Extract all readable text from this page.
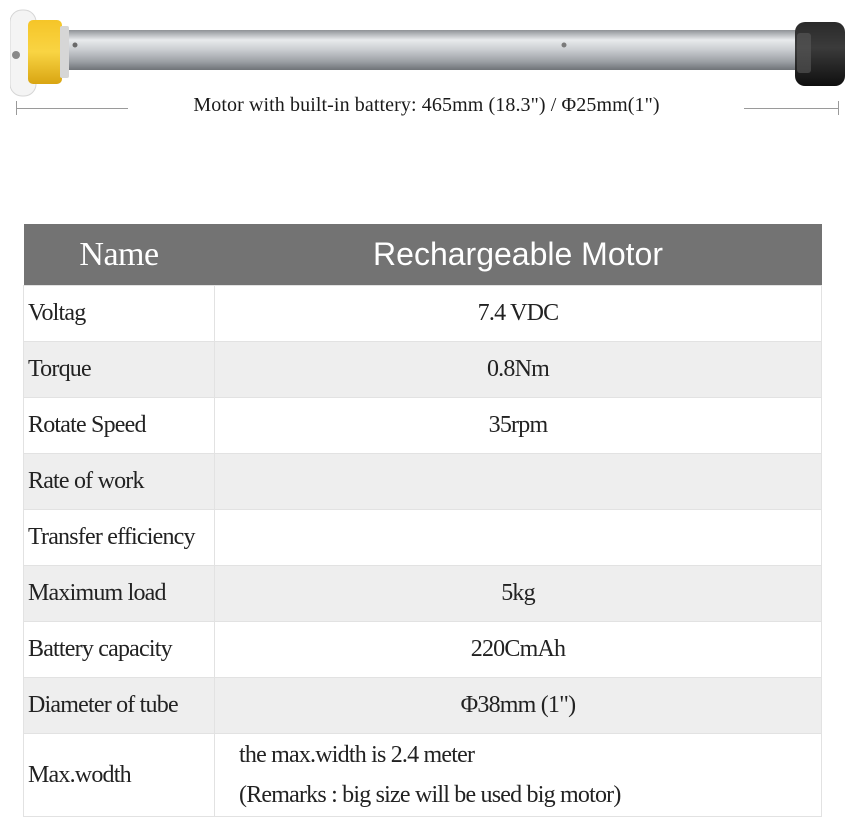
Motor with built-in battery: 465mm (18.3") / Φ25mm(1")
Name	Rechargeable Motor
Voltag	7.4 VDC
Torque	0.8Nm
Rotate Speed	35rpm
Rate of work	
Transfer efficiency	
Maximum load	5kg
Battery capacity	220CmAh
Diameter of tube	Φ38mm (1")
Max.wodth	the max.width is 2.4 meter
(Remarks : big size will be used big motor)
